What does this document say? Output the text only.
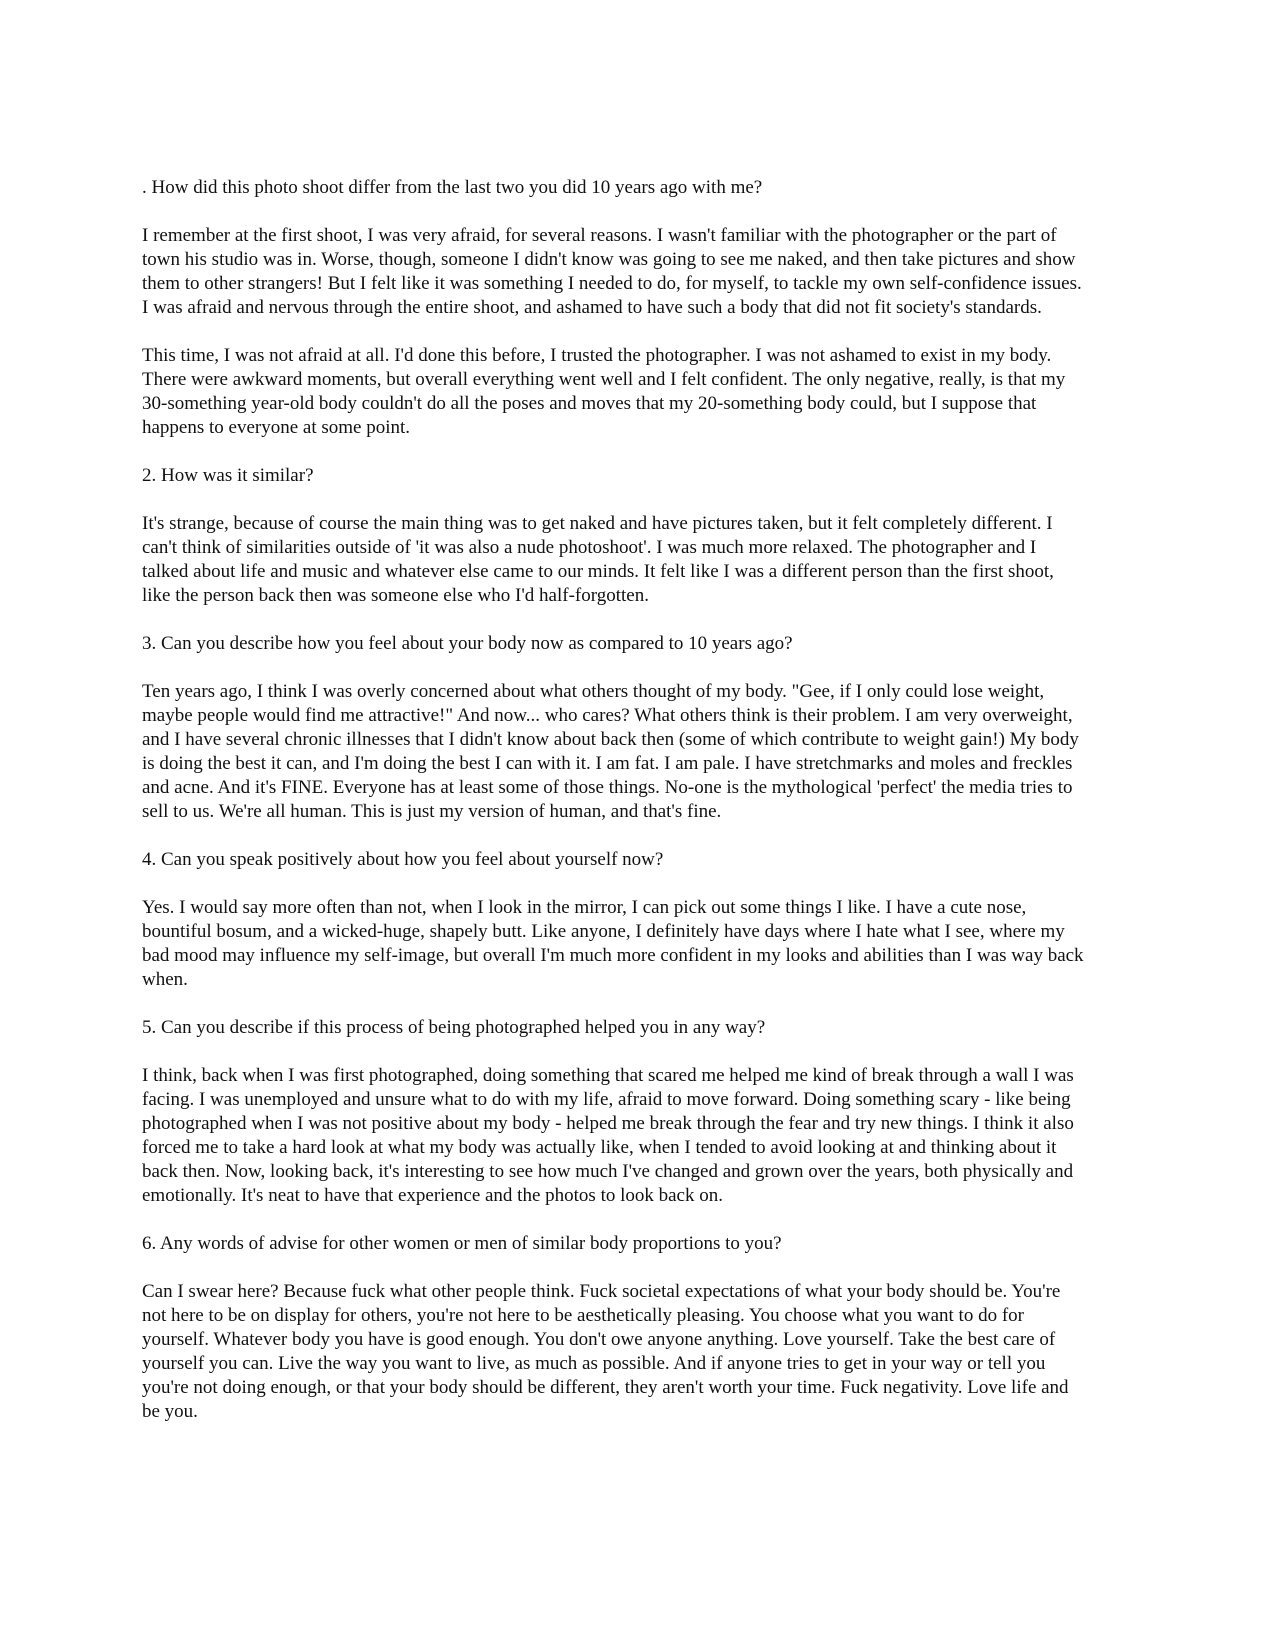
. How did this photo shoot differ from the last two you did 10 years ago with me?

I remember at the first shoot, I was very afraid, for several reasons. I wasn't familiar with the photographer or the part of town his studio was in. Worse, though, someone I didn't know was going to see me naked, and then take pictures and show them to other strangers! But I felt like it was something I needed to do, for myself, to tackle my own self-confidence issues. I was afraid and nervous through the entire shoot, and ashamed to have such a body that did not fit society's standards.

This time, I was not afraid at all. I'd done this before, I trusted the photographer. I was not ashamed to exist in my body. There were awkward moments, but overall everything went well and I felt confident. The only negative, really, is that my 30-something year-old body couldn't do all the poses and moves that my 20-something body could, but I suppose that happens to everyone at some point.

2. How was it similar?

It's strange, because of course the main thing was to get naked and have pictures taken, but it felt completely different. I can't think of similarities outside of 'it was also a nude photoshoot'. I was much more relaxed. The photographer and I talked about life and music and whatever else came to our minds. It felt like I was a different person than the first shoot, like the person back then was someone else who I'd half-forgotten.

3. Can you describe how you feel about your body now as compared to 10 years ago?

Ten years ago, I think I was overly concerned about what others thought of my body. "Gee, if I only could lose weight, maybe people would find me attractive!" And now... who cares? What others think is their problem. I am very overweight, and I have several chronic illnesses that I didn't know about back then (some of which contribute to weight gain!) My body is doing the best it can, and I'm doing the best I can with it. I am fat. I am pale. I have stretchmarks and moles and freckles and acne. And it's FINE. Everyone has at least some of those things. No-one is the mythological 'perfect' the media tries to sell to us. We're all human. This is just my version of human, and that's fine.

4. Can you speak positively about how you feel about yourself now?

Yes. I would say more often than not, when I look in the mirror, I can pick out some things I like. I have a cute nose, bountiful bosum, and a wicked-huge, shapely butt. Like anyone, I definitely have days where I hate what I see, where my bad mood may influence my self-image, but overall I'm much more confident in my looks and abilities than I was way back when.

5. Can you describe if this process of being photographed helped you in any way?

I think, back when I was first photographed, doing something that scared me helped me kind of break through a wall I was facing. I was unemployed and unsure what to do with my life, afraid to move forward. Doing something scary - like being photographed when I was not positive about my body - helped me break through the fear and try new things. I think it also forced me to take a hard look at what my body was actually like, when I tended to avoid looking at and thinking about it back then. Now, looking back, it's interesting to see how much I've changed and grown over the years, both physically and emotionally. It's neat to have that experience and the photos to look back on.

6. Any words of advise for other women or men of similar body proportions to you?

Can I swear here? Because fuck what other people think. Fuck societal expectations of what your body should be. You're not here to be on display for others, you're not here to be aesthetically pleasing. You choose what you want to do for yourself. Whatever body you have is good enough. You don't owe anyone anything. Love yourself. Take the best care of yourself you can. Live the way you want to live, as much as possible. And if anyone tries to get in your way or tell you you're not doing enough, or that your body should be different, they aren't worth your time. Fuck negativity. Love life and be you.
